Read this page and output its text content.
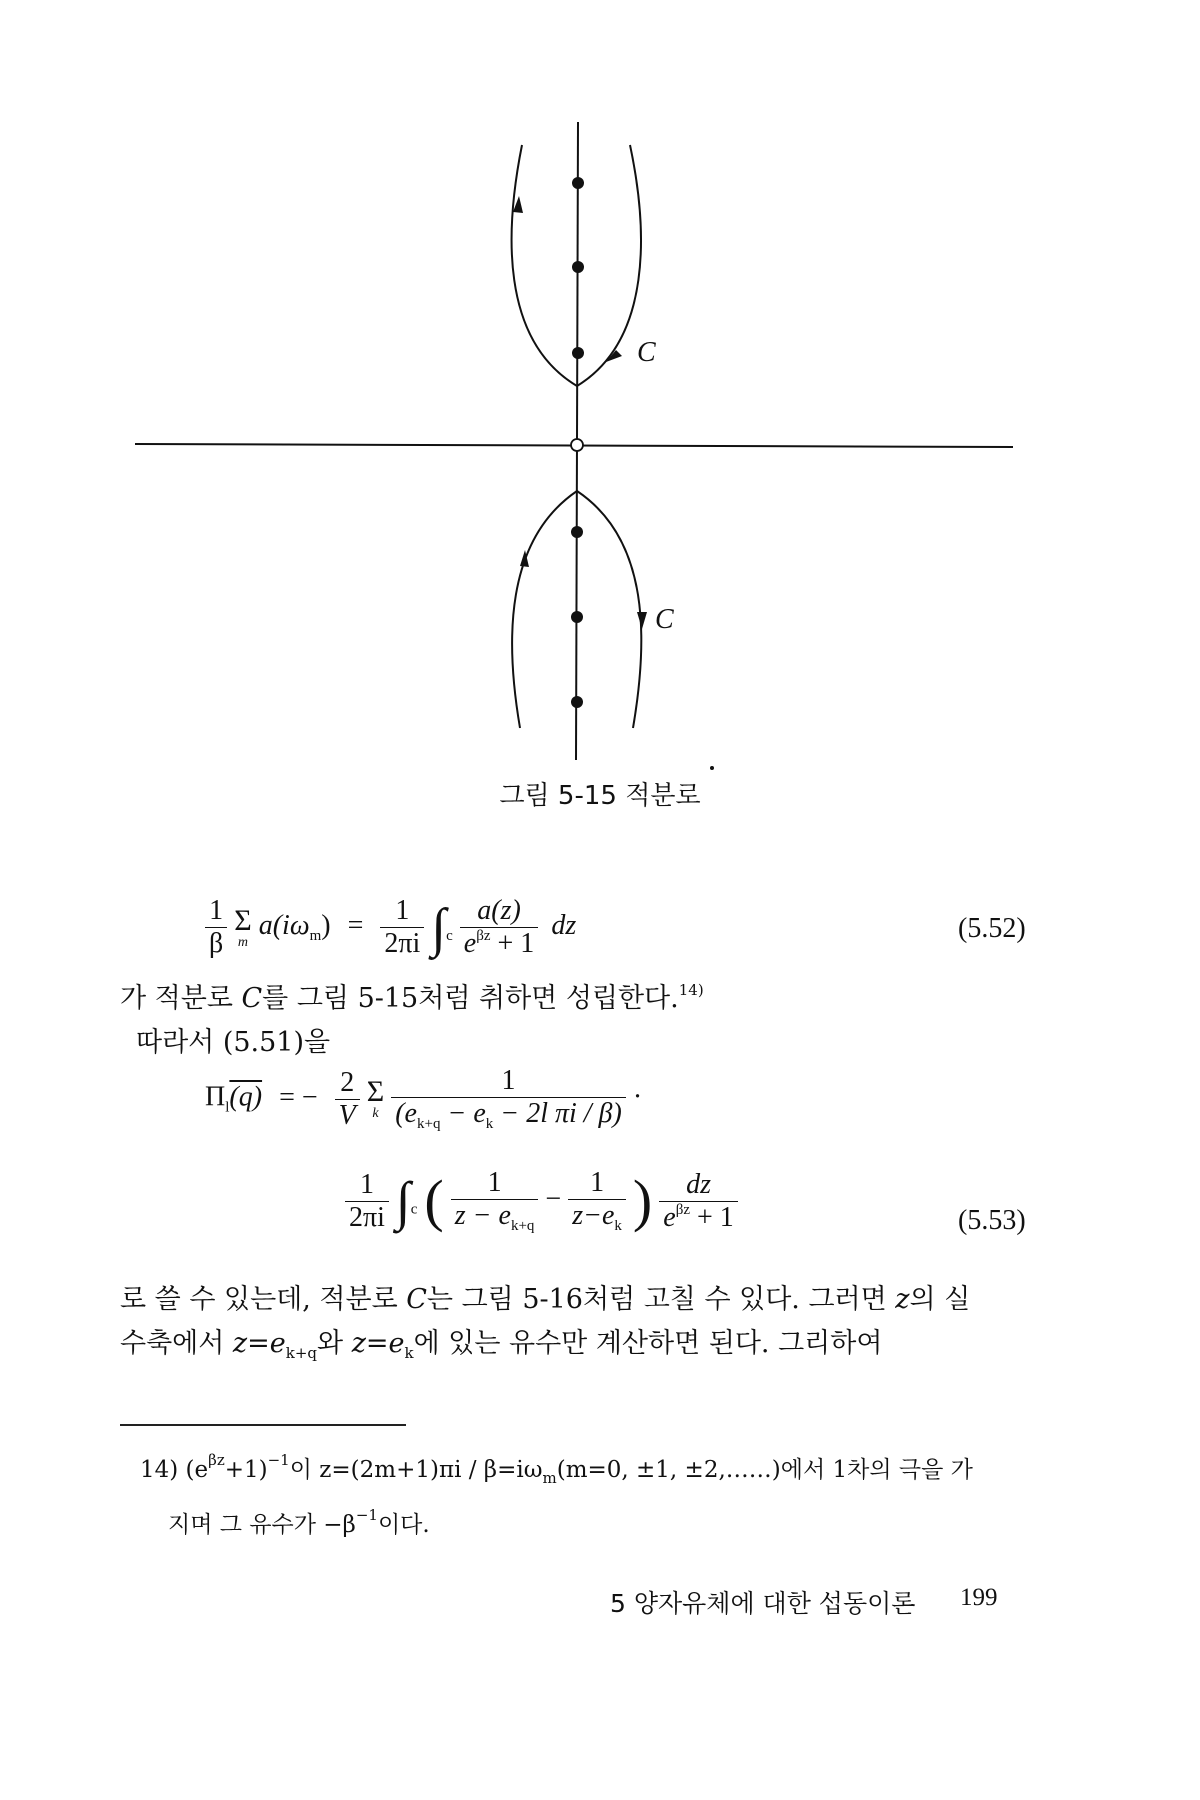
C
C
그림 5-15 적분로
$\frac{1}{\beta}$
Σ
m
$a(i\omega_m) = \frac{1}{2\pi i} \int_c \frac{a(z)}{e^{\beta z} + 1}$ dz	(5.52)
가 적분로 C를 그림 5-15처럼 취하면 성립한다.$^{14)}$
따라서 (5.51)을
$\Pi_l(q)$ = − $\frac{2}{V}$
Σ
k
$\frac{1}{(e_{k+q} - e_k - 2l \pi i / \beta)}$ ·
$\frac{1}{2\pi i} \int_c$ ( $\frac{1}{z - e_{k+q}} - \frac{1}{z-e_k}$ ) $\frac{dz}{e^{\beta z} + 1}$	(5.53)
로 쓸 수 있는데, 적분로 C는 그림 5-16처럼 고칠 수 있다. 그러면 z의 실
수축에서 $z=e_{k+q}$와 $z=e_k$에 있는 유수만 계산하면 된다. 그리하여
14) $(e^{\beta z}+1)^{-1}$이 $z=(2m+1)\pi i / \beta=i\omega_m(m=0$, ±1, ±2,……)에서 1차의 극을 가
지며 그 유수가 $-\beta^{-1}$이다.
5 양자유체에 대한 섭동이론 199
